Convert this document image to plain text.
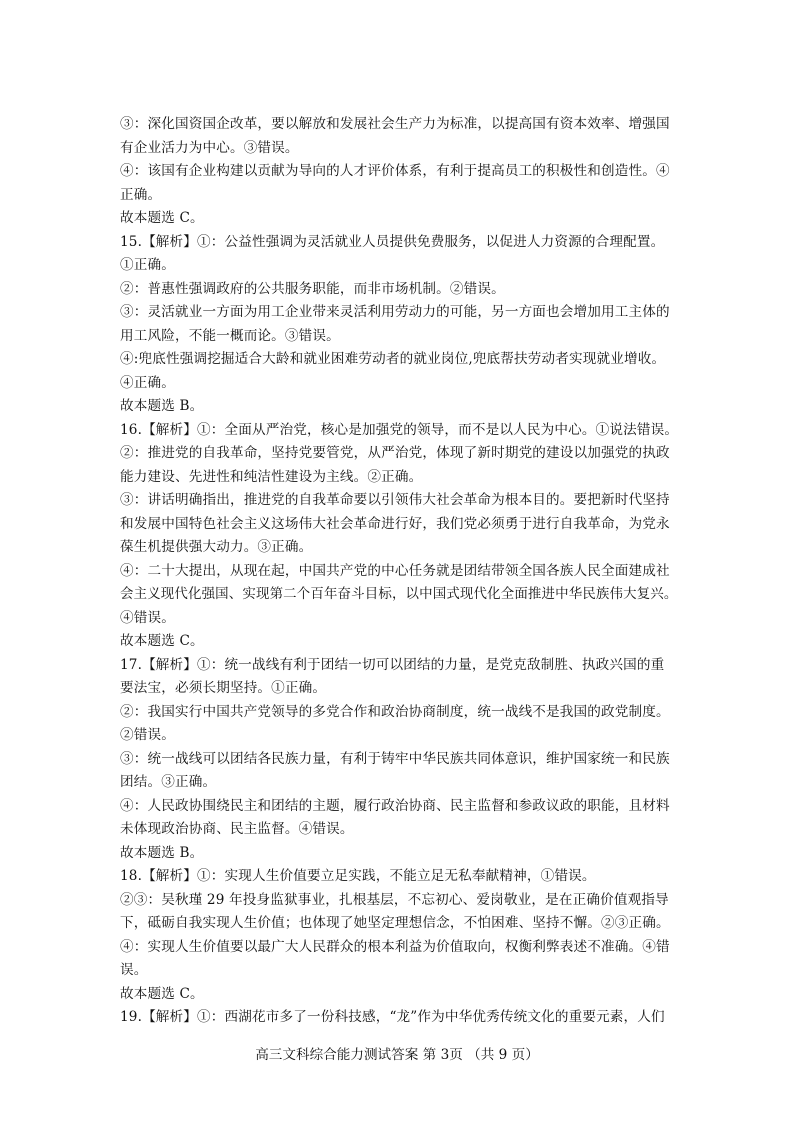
③：深化国资国企改革，要以解放和发展社会生产力为标准，以提高国有资本效率、增强国
有企业活力为中心。③错误。
④：该国有企业构建以贡献为导向的人才评价体系，有利于提高员工的积极性和创造性。④
正确。
故本题选 C。
15.【解析】①：公益性强调为灵活就业人员提供免费服务，以促进人力资源的合理配置。
①正确。
②：普惠性强调政府的公共服务职能，而非市场机制。②错误。
③：灵活就业一方面为用工企业带来灵活利用劳动力的可能，另一方面也会增加用工主体的
用工风险，不能一概而论。③错误。
④:兜底性强调挖掘适合大龄和就业困难劳动者的就业岗位,兜底帮扶劳动者实现就业增收。
④正确。
故本题选 B。
16.【解析】①：全面从严治党，核心是加强党的领导，而不是以人民为中心。①说法错误。
②：推进党的自我革命，坚持党要管党，从严治党，体现了新时期党的建设以加强党的执政
能力建设、先进性和纯洁性建设为主线。②正确。
③：讲话明确指出，推进党的自我革命要以引领伟大社会革命为根本目的。要把新时代坚持
和发展中国特色社会主义这场伟大社会革命进行好，我们党必须勇于进行自我革命，为党永
葆生机提供强大动力。③正确。
④：二十大提出，从现在起，中国共产党的中心任务就是团结带领全国各族人民全面建成社
会主义现代化强国、实现第二个百年奋斗目标，以中国式现代化全面推进中华民族伟大复兴。
④错误。
故本题选 C。
17.【解析】①：统一战线有利于团结一切可以团结的力量，是党克敌制胜、执政兴国的重
要法宝，必须长期坚持。①正确。
②：我国实行中国共产党领导的多党合作和政治协商制度，统一战线不是我国的政党制度。
②错误。
③：统一战线可以团结各民族力量，有利于铸牢中华民族共同体意识，维护国家统一和民族
团结。③正确。
④：人民政协围绕民主和团结的主题，履行政治协商、民主监督和参政议政的职能，且材料
未体现政治协商、民主监督。④错误。
故本题选 B。
18.【解析】①：实现人生价值要立足实践，不能立足无私奉献精神，①错误。
②③：吴秋瑾 29 年投身监狱事业，扎根基层，不忘初心、爱岗敬业，是在正确价值观指导
下，砥砺自我实现人生价值；也体现了她坚定理想信念，不怕困难、坚持不懈。②③正确。
④：实现人生价值要以最广大人民群众的根本利益为价值取向，权衡利弊表述不准确。④错
误。
故本题选 C。
19.【解析】①：西湖花市多了一份科技感，“龙”作为中华优秀传统文化的重要元素，人们
高三文科综合能力测试答案 第 3页 （共 9 页）
